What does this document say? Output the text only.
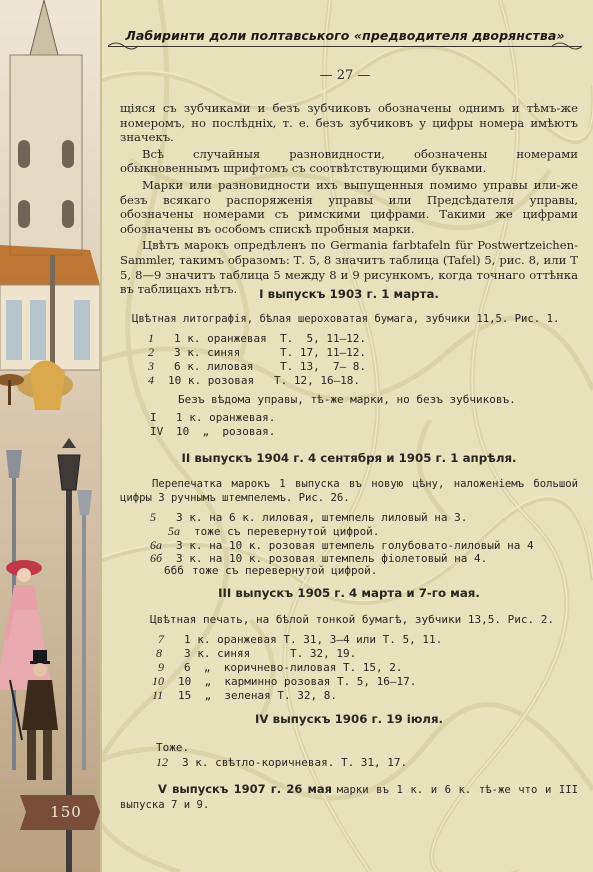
150
Лабиринти доли полтавського «предводителя дворянства»
— 27 —

щіяся съ зубчиками и безъ зубчиковъ обозначены однимъ и тѣмъ-же номеромъ, но послѣдніх, т. е. безъ зубчиковъ у цифры номера имѣютъ значекъ.

Всѣ случайныя разновидности, обозначены номерами обыкновеннымъ шрифтомъ съ соотвѣтствующими буквами.

Марки или разновидности ихъ выпущенныя помимо управы или-же безъ всякаго распоряженія управы или Предсѣдателя управы, обозначены номерами съ римскими цифрами. Такими же цифрами обозначены въ особомъ спискѣ пробныя марки.

Цвѣтъ марокъ опредѣленъ по Germania farbtafeln für Postwertzeichen-Sammler, такимъ образомъ: Т. 5, 8 значитъ таблица (Tafel) 5, рис. 8, или Т 5, 8—9 значитъ таблица 5 между 8 и 9 рисункомъ, когда точнаго оттѣнка въ таблицахъ нѣтъ.	I выпускъ 1903 г. 1 марта.
Цвѣтная литографія, бѣлая шероховатая бумага, зубчики 11,5. Рис. 1.
1 1 к. оранжевая  Т.  5, 11—12.
2 3 к. синяя      Т. 17, 11—12.
3 6 к. лиловая    Т. 13,  7— 8.
4 10 к. розовая   Т. 12, 16—18.
Безъ вѣдома управы, тѣ-же марки, но безъ зубчиковъ.
I 1 к. оранжевая.
IV 10  „  розовая.
II выпускъ 1904 г. 4 сентября и 1905 г. 1 апрѣля.
Перепечатка марокъ 1 выпуска въ новую цѣну, наложеніемъ большой цифры 3 ручнымъ штемпелемъ. Рис. 26.
5 3 к. на 6 к. лиловая, штемпель лиловый на 3.
5а тоже съ перевернутой цифрой.
6а 3 к. на 10 к. розовая штемпель голубовато-лиловый на 4
6б 3 к. на 10 к. розовая штемпель фіолетовый на 4.
6бб тоже съ перевернутой цифрой.
III выпускъ 1905 г. 4 марта и 7-го мая.
Цвѣтная печать, на бѣлой тонкой бумагѣ, зубчики 13,5. Рис. 2.
7 1 к. оранжевая Т. 31, 3—4 или Т. 5, 11.
8 3 к. синяя      Т. 32, 19.
9 6  „  коричнево-лиловая Т. 15, 2.
10 10  „  карминно розовая Т. 5, 16—17.
11 15  „  зеленая Т. 32, 8.
IV выпускъ 1906 г. 19 іюля.
Тоже.
12 3 к. свѣтло-коричневая. Т. 31, 17.
V выпускъ 1907 г. 26 мая марки въ 1 к. и 6 к. тѣ-же что и III выпуска 7 и 9.
